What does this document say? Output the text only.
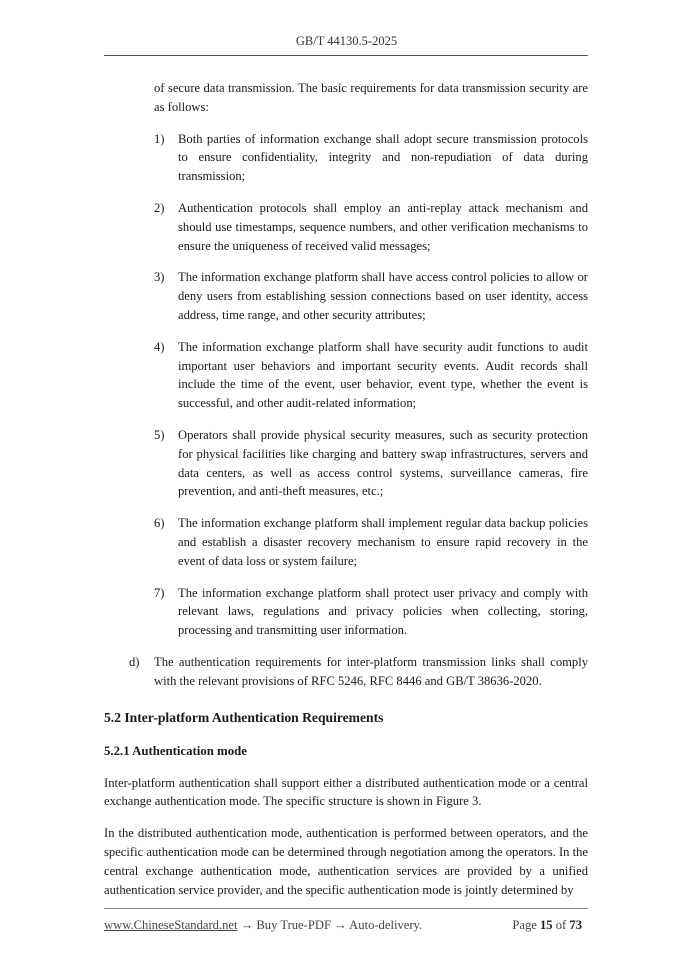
GB/T 44130.5-2025

of secure data transmission. The basic requirements for data transmission security are as follows:

1) Both parties of information exchange shall adopt secure transmission protocols to ensure confidentiality, integrity and non-repudiation of data during transmission;
2) Authentication protocols shall employ an anti-replay attack mechanism and should use timestamps, sequence numbers, and other verification mechanisms to ensure the uniqueness of received valid messages;
3) The information exchange platform shall have access control policies to allow or deny users from establishing session connections based on user identity, access address, time range, and other security attributes;
4) The information exchange platform shall have security audit functions to audit important user behaviors and important security events. Audit records shall include the time of the event, user behavior, event type, whether the event is successful, and other audit-related information;
5) Operators shall provide physical security measures, such as security protection for physical facilities like charging and battery swap infrastructures, servers and data centers, as well as access control systems, surveillance cameras, fire prevention, and anti-theft measures, etc.;
6) The information exchange platform shall implement regular data backup policies and establish a disaster recovery mechanism to ensure rapid recovery in the event of data loss or system failure;
7) The information exchange platform shall protect user privacy and comply with relevant laws, regulations and privacy policies when collecting, storing, processing and transmitting user information.
d) The authentication requirements for inter-platform transmission links shall comply with the relevant provisions of RFC 5246, RFC 8446 and GB/T 38636-2020.
5.2 Inter-platform Authentication Requirements
5.2.1 Authentication mode

Inter-platform authentication shall support either a distributed authentication mode or a central exchange authentication mode. The specific structure is shown in Figure 3.

In the distributed authentication mode, authentication is performed between operators, and the specific authentication mode can be determined through negotiation among the operators. In the central exchange authentication mode, authentication services are provided by a unified authentication service provider, and the specific authentication mode is jointly determined by

www.ChineseStandard.net → Buy True-PDF → Auto-delivery.	Page 15 of 73
